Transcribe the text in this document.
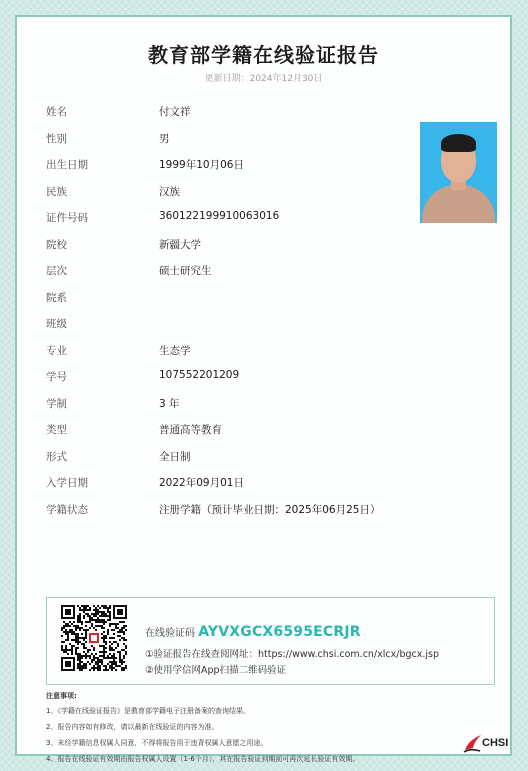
教育部学籍在线验证报告
更新日期：2024年12月30日
姓名	付文祥
性别	男
出生日期	1999年10月06日
民族	汉族
证件号码	360122199910063016
院校	新疆大学
层次	硕士研究生
院系
班级
专业	生态学
学号	107552201209
学制	3 年
类型	普通高等教育
形式	全日制
入学日期	2022年09月01日
学籍状态	注册学籍（预计毕业日期：2025年06月25日）
在线验证码 AYVXGCX6595ECRJR
①验证报告在线查阅网址：https://www.chsi.com.cn/xlcx/bgcx.jsp
②使用学信网App扫描二维码验证
注意事项:
1、《学籍在线验证报告》是教育部学籍电子注册备案的查询结果。
2、报告内容如有修改，请以最新在线验证的内容为准。
3、未经学籍信息权属人同意，不得将报告用于违背权属人意愿之用途。
4、报告在线验证有效期由报告权属人设置（1-6个月），其在报告验证到期前可再次延长验证有效期。
CHSI
